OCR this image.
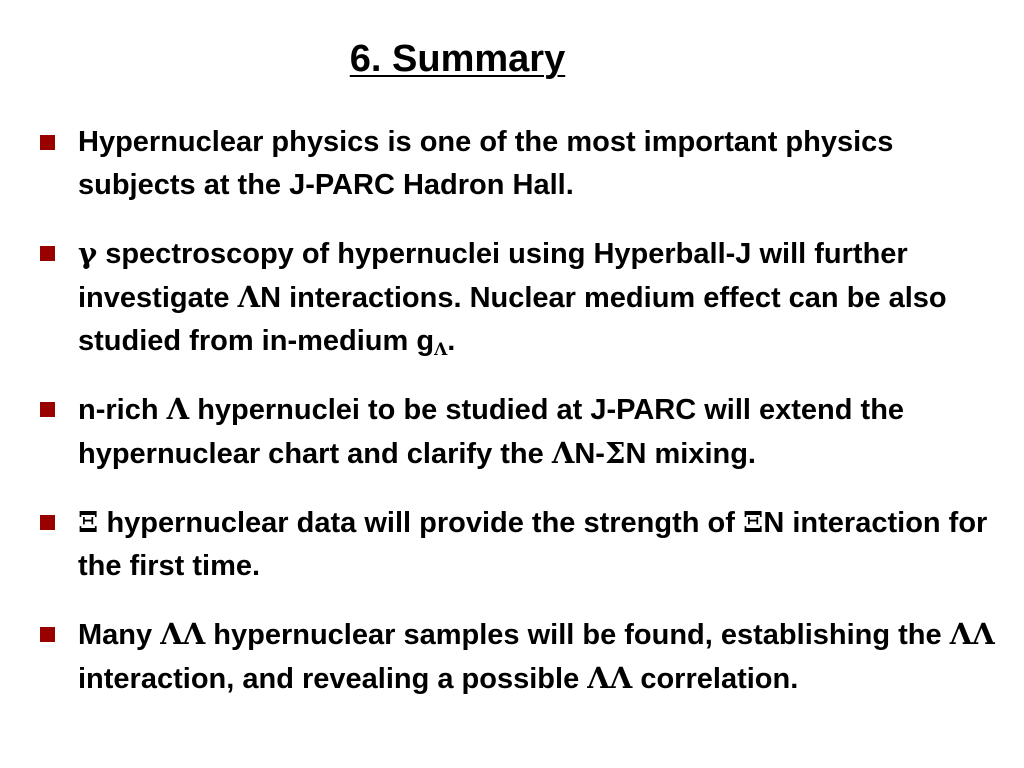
6. Summary
Hypernuclear physics is one of the most important physics subjects at the J-PARC Hadron Hall.
γ spectroscopy of hypernuclei using Hyperball-J will further investigate ΛN interactions. Nuclear medium effect can be also studied from in-medium $g_\Lambda$.
n-rich Λ hypernuclei to be studied at J-PARC will extend the hypernuclear chart and clarify the ΛN-ΣN mixing.
Ξ hypernuclear data will provide the strength of ΞN interaction for the first time.
Many ΛΛ hypernuclear samples will be found, establishing the ΛΛ interaction, and revealing a possible ΛΛ correlation.
